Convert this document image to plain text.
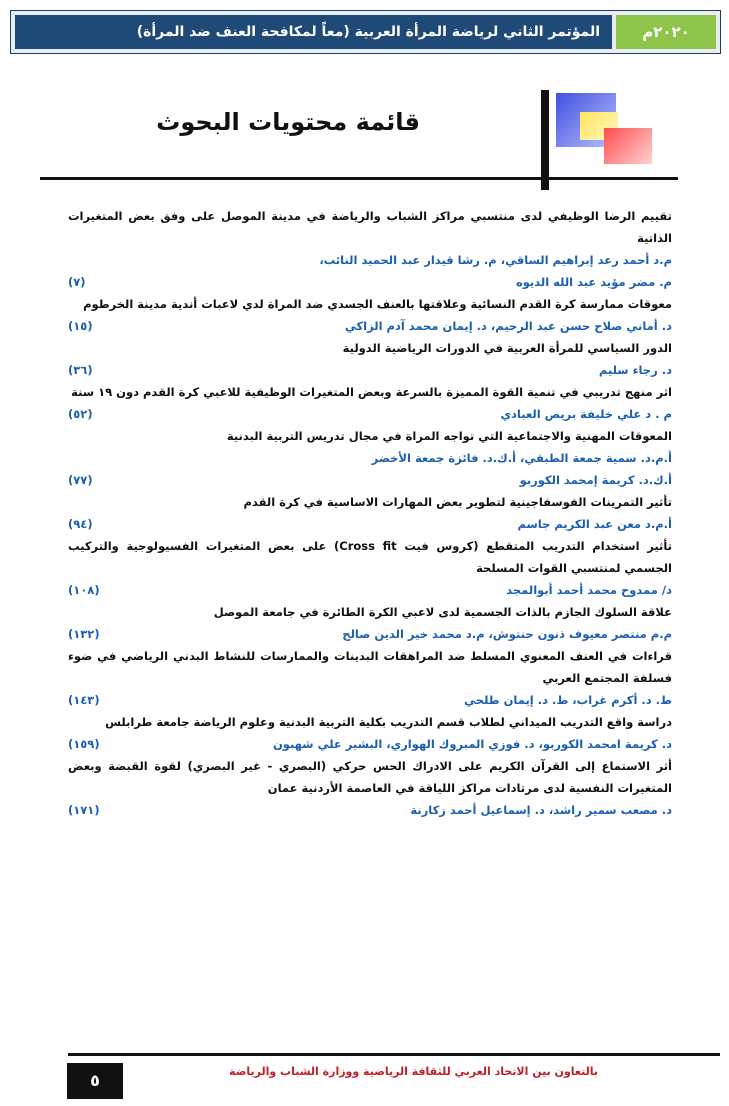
المؤتمر الثاني لرياضة المرأة العربية (معاً لمكافحة العنف ضد المرأة)	٢٠٢٠م
قائمة محتويات البحوث
تقييم الرضا الوظيفي لدى منتسبي مراكز الشباب والرياضة في مدينة الموصل على وفق بعض المتغيرات الذاتية
م.د أحمد رعد إبراهيم الساقي، م. رشا قيدار عبد الحميد النائب،
م. مضر مؤيد عبد الله الديوه
(٧)
معوقات ممارسة كرة القدم النسائية وعلاقتها بالعنف الجسدي ضد المراة لدي لاعبات أندية مدينة الخرطوم
د. أماني صلاح حسن عبد الرحيم، د. إيمان محمد آدم الزاكي
(١٥)
الدور السياسي للمرأة العربية في الدورات الرياضية الدولية
د. رجاء سليم
(٣٦)
اثر منهج تدريبي في تنمية القوة المميزة بالسرعة وبعض المتغيرات الوظيفية للاعبي كرة القدم دون ١٩ سنة
م . د علي خليفة بريص العبادي
(٥٢)
المعوقات المهنية والاجتماعية التي تواجه المراة في مجال تدريس التربية البدنية
أ.م.د. سمية جمعة الطبقي، أ.ك.د. فائزة جمعة الأخضر
أ.ك.د. كريمة إمحمد الكوربو
(٧٧)
تأثير التمرينات الفوسفاجينية لتطوير بعض المهارات الاساسية في كرة القدم
أ.م.د معن عبد الكريم جاسم
(٩٤)
تأثير استخدام التدريب المتقطع (كروس فيت Cross fit) على بعض المتغيرات الفسيولوجية والتركيب الجسمي لمنتسبي القوات المسلحة
د/ ممدوح محمد أحمد أبوالمجد
(١٠٨)
علاقة السلوك الجازم بالذات الجسمية لدى لاعبي الكرة الطائرة في جامعة الموصل
م.م منتصر معيوف ذنون حنتوش، م.د محمد خير الدين صالح
(١٣٢)
قراءات في العنف المعنوي المسلط ضد المراهقات البدينات والممارسات للنشاط البدني الرياضي في ضوء فسلفة المجتمع العربي
ط. د. أكرم غراب، ط. د. إيمان طلحي
(١٤٣)
دراسة واقع التدريب الميداني لطلاب قسم التدريب بكلية التربية البدنية وعلوم الرياضة جامعة طرابلس
د. كريمة امحمد الكوربو، د. فوزي المبروك الهواري، البشير علي شهبون
(١٥٩)
أثر الاستماع إلى القرآن الكريم على الادراك الحس حركي (البصري - غير البصري) لقوة القبضة وبعض المتغيرات النفسية لدى مرتادات مراكز اللياقة في العاصمة الأردنية عمان
د. مصعب سمير راشد، د. إسماعيل أحمد زكارنة
(١٧١)
بالتعاون بين الاتحاد العربي للثقافة الرياضية ووزارة الشباب والرياضة
٥
